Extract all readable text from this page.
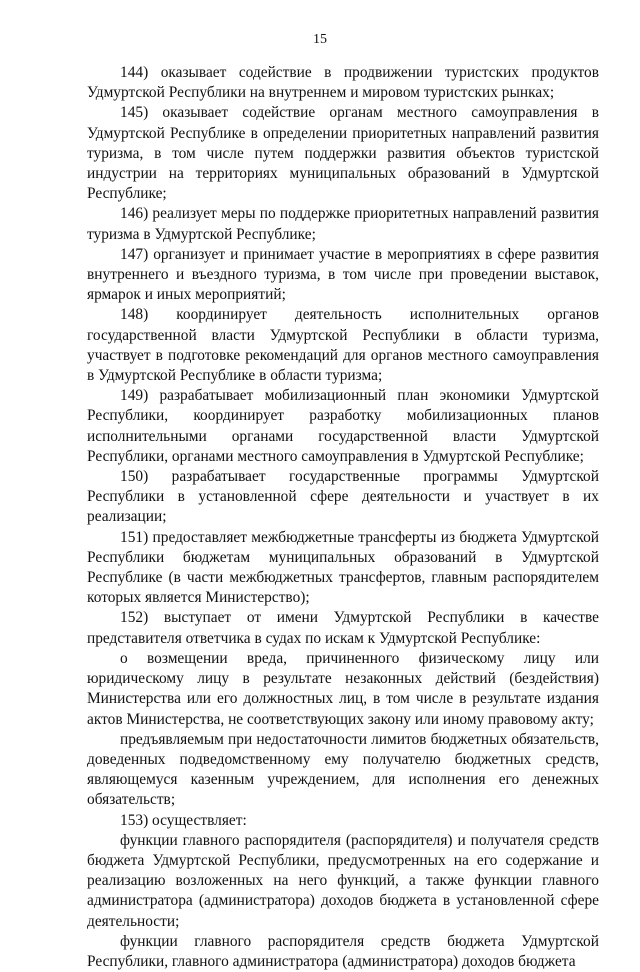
15

144) оказывает содействие в продвижении туристских продуктов Удмуртской Республики на внутреннем и мировом туристских рынках;

145) оказывает содействие органам местного самоуправления в Удмуртской Республике в определении приоритетных направлений развития туризма, в том числе путем поддержки развития объектов туристской индустрии на территориях муниципальных образований в Удмуртской Республике;

146) реализует меры по поддержке приоритетных направлений развития туризма в Удмуртской Республике;

147) организует и принимает участие в мероприятиях в сфере развития внутреннего и въездного туризма, в том числе при проведении выставок, ярмарок и иных мероприятий;

148) координирует деятельность исполнительных органов государственной власти Удмуртской Республики в области туризма, участвует в подготовке рекомендаций для органов местного самоуправления в Удмуртской Республике в области туризма;

149) разрабатывает мобилизационный план экономики Удмуртской Республики, координирует разработку мобилизационных планов исполнительными органами государственной власти Удмуртской Республики, органами местного самоуправления в Удмуртской Республике;

150) разрабатывает государственные программы Удмуртской Республики в установленной сфере деятельности и участвует в их реализации;

151) предоставляет межбюджетные трансферты из бюджета Удмуртской Республики бюджетам муниципальных образований в Удмуртской Республике (в части межбюджетных трансфертов, главным распорядителем которых является Министерство);

152) выступает от имени Удмуртской Республики в качестве представителя ответчика в судах по искам к Удмуртской Республике:

о возмещении вреда, причиненного физическому лицу или юридическому лицу в результате незаконных действий (бездействия) Министерства или его должностных лиц, в том числе в результате издания актов Министерства, не соответствующих закону или иному правовому акту;

предъявляемым при недостаточности лимитов бюджетных обязательств, доведенных подведомственному ему получателю бюджетных средств, являющемуся казенным учреждением, для исполнения его денежных обязательств;

153) осуществляет:

функции главного распорядителя (распорядителя) и получателя средств бюджета Удмуртской Республики, предусмотренных на его содержание и реализацию возложенных на него функций, а также функции главного администратора (администратора) доходов бюджета в установленной сфере деятельности;

функции главного распорядителя средств бюджета Удмуртской Республики, главного администратора (администратора) доходов бюджета
